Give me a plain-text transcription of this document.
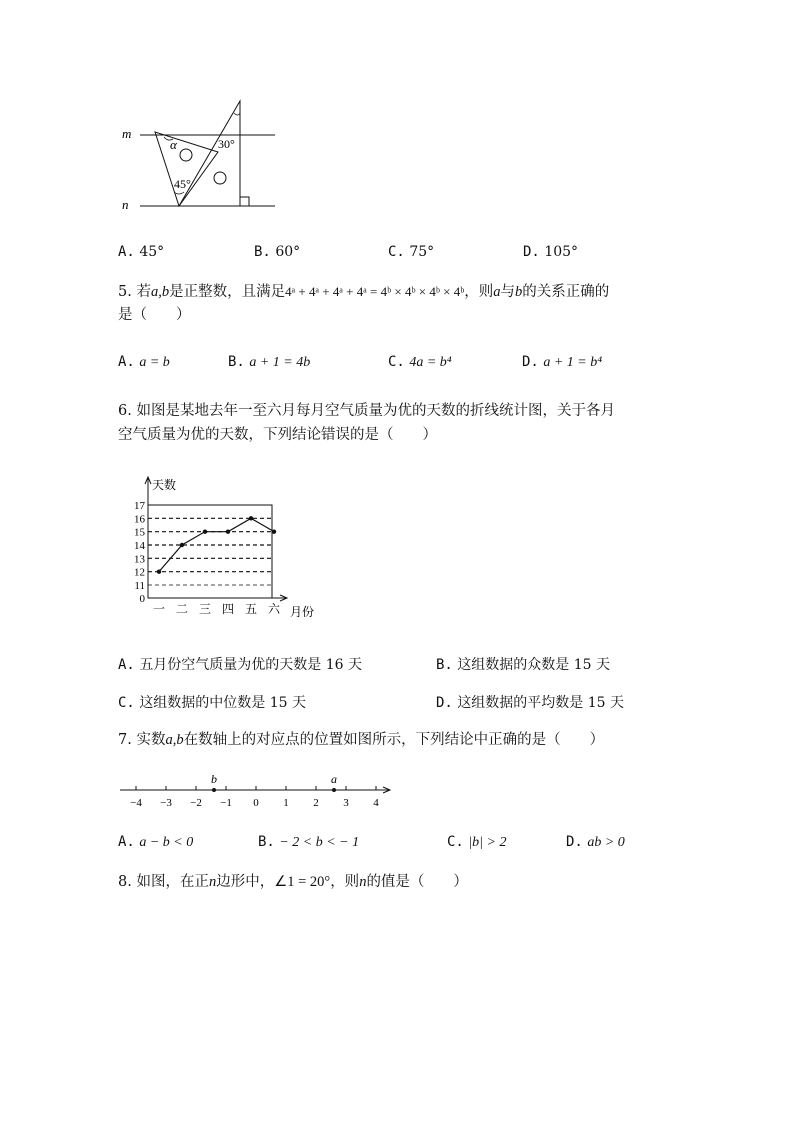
m
n
α
45°
30°
A. 45°	B. 60°	C. 75°	D. 105°
5. 若a,b是正整数，且满足4ᵃ + 4ᵃ + 4ᵃ + 4ᵃ = 4ᵇ × 4ᵇ × 4ᵇ × 4ᵇ，则a与b的关系正确的
是（　　）
A. a = b	B. a + 1 = 4b	C. 4a = b⁴	D. a + 1 = b⁴
6. 如图是某地去年一至六月每月空气质量为优的天数的折线统计图，关于各月
空气质量为优的天数，下列结论错误的是（　　）
17
16
15
14
13
12
11
0
天数
月份
一 二 三 四 五 六
A. 五月份空气质量为优的天数是 16 天	B. 这组数据的众数是 15 天
C. 这组数据的中位数是 15 天	D. 这组数据的平均数是 15 天
7. 实数a,b在数轴上的对应点的位置如图所示，下列结论中正确的是（　　）
−4 −3 −2 −1 0 1 2 3 4
b	a
A. a − b < 0	B. − 2 < b < − 1	C. |b| > 2	D. ab > 0
8. 如图，在正n边形中，∠1 = 20°，则n的值是（　　）
